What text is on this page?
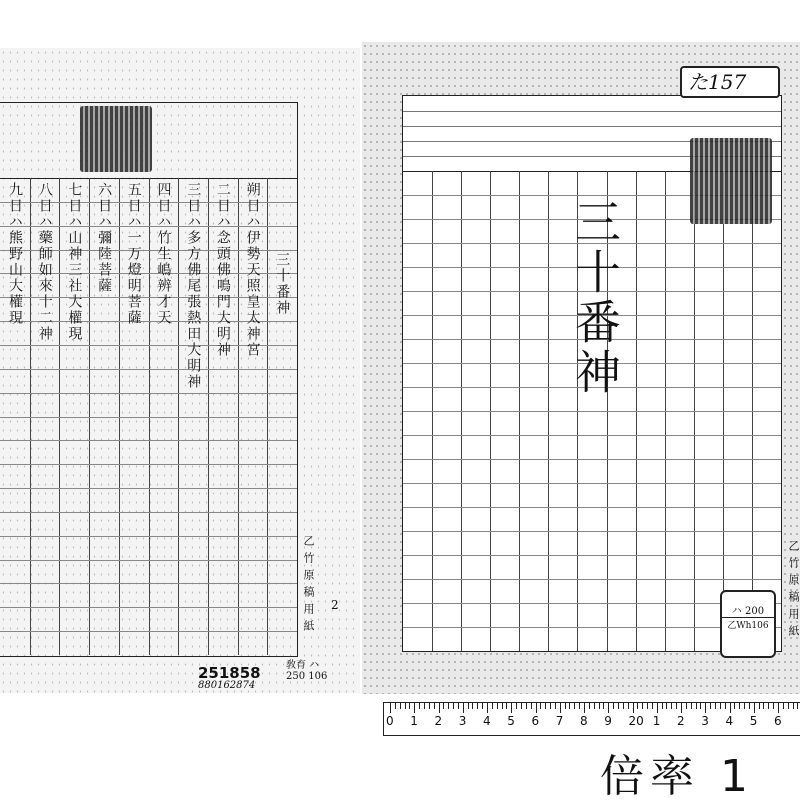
三十番神
朔日ハ伊勢天照皇太神宮
二日ハ念頭佛鳴門大明神
三日ハ多方佛尾張熱田大明神
四日ハ竹生嶋辨才天
五日ハ一万燈明菩薩
六日ハ彌陸菩薩
七日ハ山神三社大權現
八日ハ藥師如來十二神
九日ハ熊野山大權現
乙竹原稿用紙 2
251858
880162874
敎育 ハ250 106
た157
三十番神
乙竹原稿用紙
ハ 200
乙Wh106
0 1 2 3 4 5 6 7 8 9 20 1 2 3 4 5 6
倍率 1
